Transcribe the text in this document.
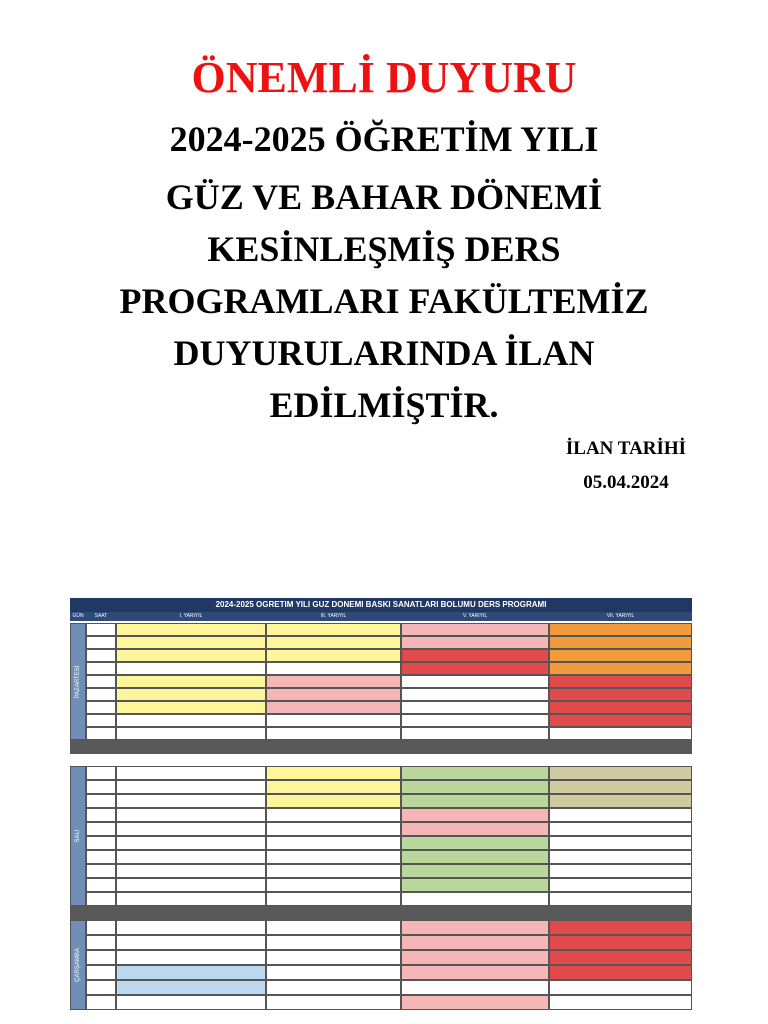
ÖNEMLİ DUYURU
2024-2025 ÖĞRETİM YILI
GÜZ VE BAHAR DÖNEMİ
KESİNLEŞMİŞ DERS
PROGRAMLARI FAKÜLTEMİZ
DUYURULARINDA İLAN
EDİLMİŞTİR.
İLAN TARİHİ
05.04.2024
2024-2025 OGRETIM YILI GUZ DONEMI BASKI SANATLARI BOLUMU DERS PROGRAMI
GÜN	SAAT	I. YARIYIL	III. YARIYIL	V. YARIYIL	VII. YARIYIL
PAZARTESİ
SALI
ÇARŞAMBA
